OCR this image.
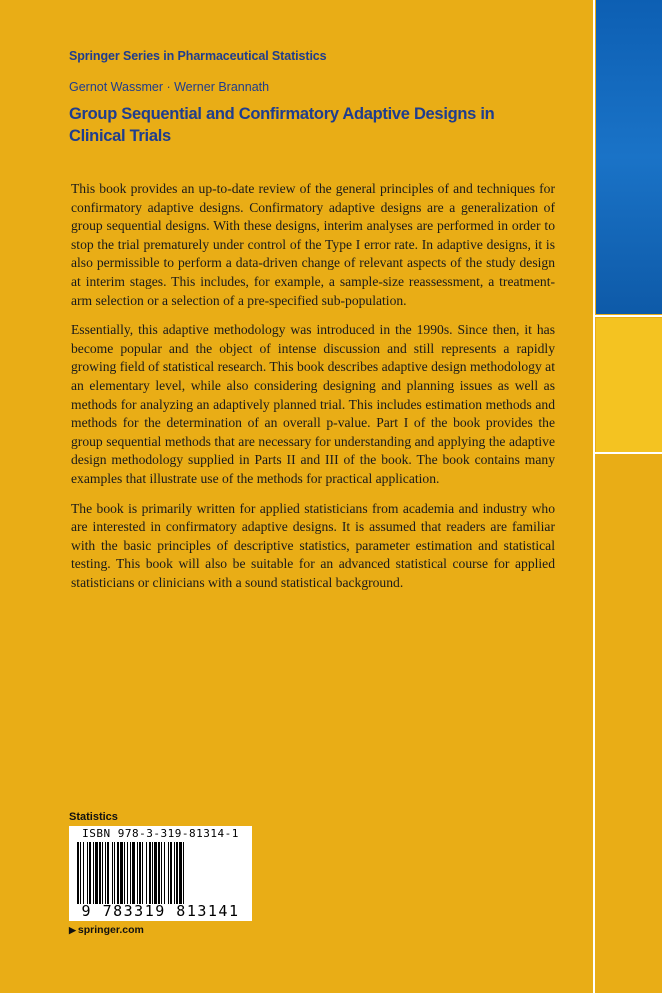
Springer Series in Pharmaceutical Statistics
Gernot Wassmer · Werner Brannath
Group Sequential and Confirmatory Adaptive Designs in Clinical Trials

This book provides an up-to-date review of the general principles of and techniques for confirmatory adaptive designs. Confirmatory adaptive designs are a generalization of group sequential designs. With these designs, interim analyses are performed in order to stop the trial prematurely under control of the Type I error rate. In adaptive designs, it is also permissible to perform a data-driven change of relevant aspects of the study design at interim stages. This includes, for example, a sample-size reassessment, a treatment-arm selection or a selection of a pre-specified sub-population.

Essentially, this adaptive methodology was introduced in the 1990s. Since then, it has become popular and the object of intense discussion and still represents a rapidly growing field of statistical research. This book describes adaptive design methodology at an elementary level, while also considering designing and planning issues as well as methods for analyzing an adaptively planned trial. This includes estimation methods and methods for the determination of an overall p-value. Part I of the book provides the group sequential methods that are necessary for understanding and applying the adaptive design methodology supplied in Parts II and III of the book. The book contains many examples that illustrate use of the methods for practical application.

The book is primarily written for applied statisticians from academia and industry who are interested in confirmatory adaptive designs. It is assumed that readers are familiar with the basic principles of descriptive statistics, parameter estimation and statistical testing. This book will also be suitable for an advanced statistical course for applied statisticians or clinicians with a sound statistical background.

Statistics
ISBN 978-3-319-81314-1
9 783319 813141
▶ springer.com
